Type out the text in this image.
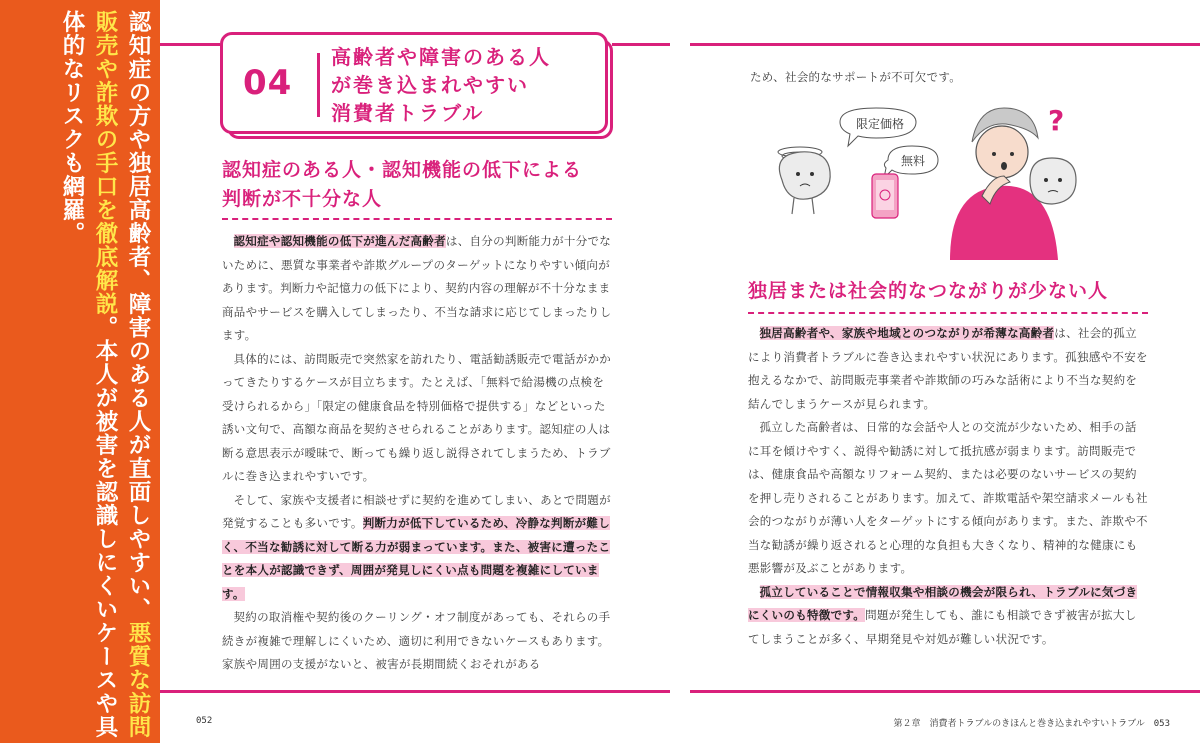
認知症の方や独居高齢者、障害のある人が直面しやすい、悪質な訪問販売や詐欺の手口を徹底解説。本人が被害を認識しにくいケースや具体的なリスクも網羅。	04
高齢者や障害のある人
が巻き込まれやすい
消費者トラブル
認知症のある人・認知機能の低下による
判断が不十分な人

認知症や認知機能の低下が進んだ高齢者は、自分の判断能力が十分でないために、悪質な事業者や詐欺グループのターゲットになりやすい傾向があります。判断力や記憶力の低下により、契約内容の理解が不十分なまま商品やサービスを購入してしまったり、不当な請求に応じてしまったりします。

具体的には、訪問販売で突然家を訪れたり、電話勧誘販売で電話がかかってきたりするケースが目立ちます。たとえば、「無料で給湯機の点検を受けられるから」「限定の健康食品を特別価格で提供する」などといった誘い文句で、高額な商品を契約させられることがあります。認知症の人は断る意思表示が曖昧で、断っても繰り返し説得されてしまうため、トラブルに巻き込まれやすいです。

そして、家族や支援者に相談せずに契約を進めてしまい、あとで問題が発覚することも多いです。判断力が低下しているため、冷静な判断が難しく、不当な勧誘に対して断る力が弱まっています。また、被害に遭ったことを本人が認識できず、周囲が発見しにくい点も問題を複雑にしています。

契約の取消権や契約後のクーリング・オフ制度があっても、それらの手続きが複雑で理解しにくいため、適切に利用できないケースもあります。家族や周囲の支援がないと、被害が長期間続くおそれがある

ため、社会的なサポートが不可欠です。
限定価格
無料
?
独居または社会的なつながりが少ない人

独居高齢者や、家族や地域とのつながりが希薄な高齢者は、社会的孤立により消費者トラブルに巻き込まれやすい状況にあります。孤独感や不安を抱えるなかで、訪問販売事業者や詐欺師の巧みな話術により不当な契約を結んでしまうケースが見られます。

孤立した高齢者は、日常的な会話や人との交流が少ないため、相手の話に耳を傾けやすく、説得や勧誘に対して抵抗感が弱まります。訪問販売では、健康食品や高額なリフォーム契約、または必要のないサービスの契約を押し売りされることがあります。加えて、詐欺電話や架空請求メールも社会的つながりが薄い人をターゲットにする傾向があります。また、詐欺や不当な勧誘が繰り返されると心理的な負担も大きくなり、精神的な健康にも悪影響が及ぶことがあります。

孤立していることで情報収集や相談の機会が限られ、トラブルに気づきにくいのも特徴です。問題が発生しても、誰にも相談できず被害が拡大してしまうことが多く、早期発見や対処が難しい状況です。

052	第２章　消費者トラブルのきほんと巻き込まれやすいトラブル　053
